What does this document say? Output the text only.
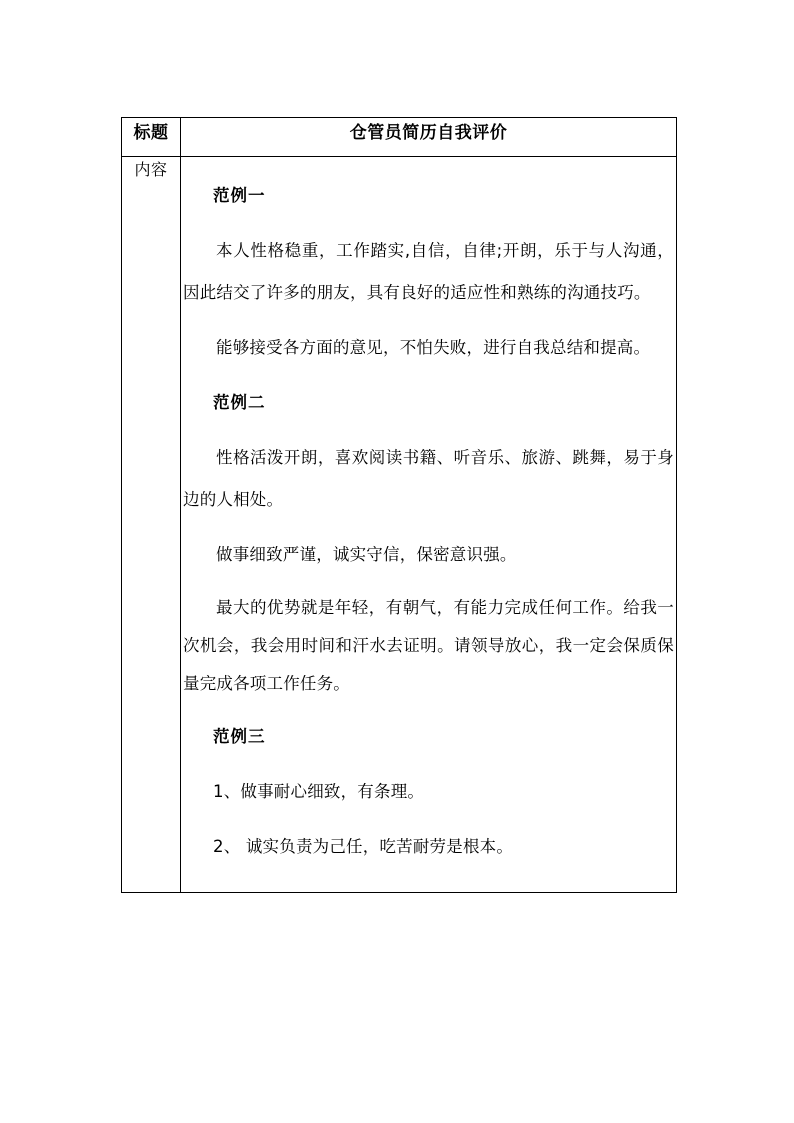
标题	仓管员简历自我评价
内容	

范例一

本人性格稳重，工作踏实,自信，自律;开朗，乐于与人沟通，因此结交了许多的朋友，具有良好的适应性和熟练的沟通技巧。

能够接受各方面的意见，不怕失败，进行自我总结和提高。

范例二

性格活泼开朗，喜欢阅读书籍、听音乐、旅游、跳舞，易于身边的人相处。

做事细致严谨，诚实守信，保密意识强。

最大的优势就是年轻，有朝气，有能力完成任何工作。给我一次机会，我会用时间和汗水去证明。请领导放心，我一定会保质保量完成各项工作任务。

范例三

1、做事耐心细致，有条理。

2、 诚实负责为己任，吃苦耐劳是根本。
